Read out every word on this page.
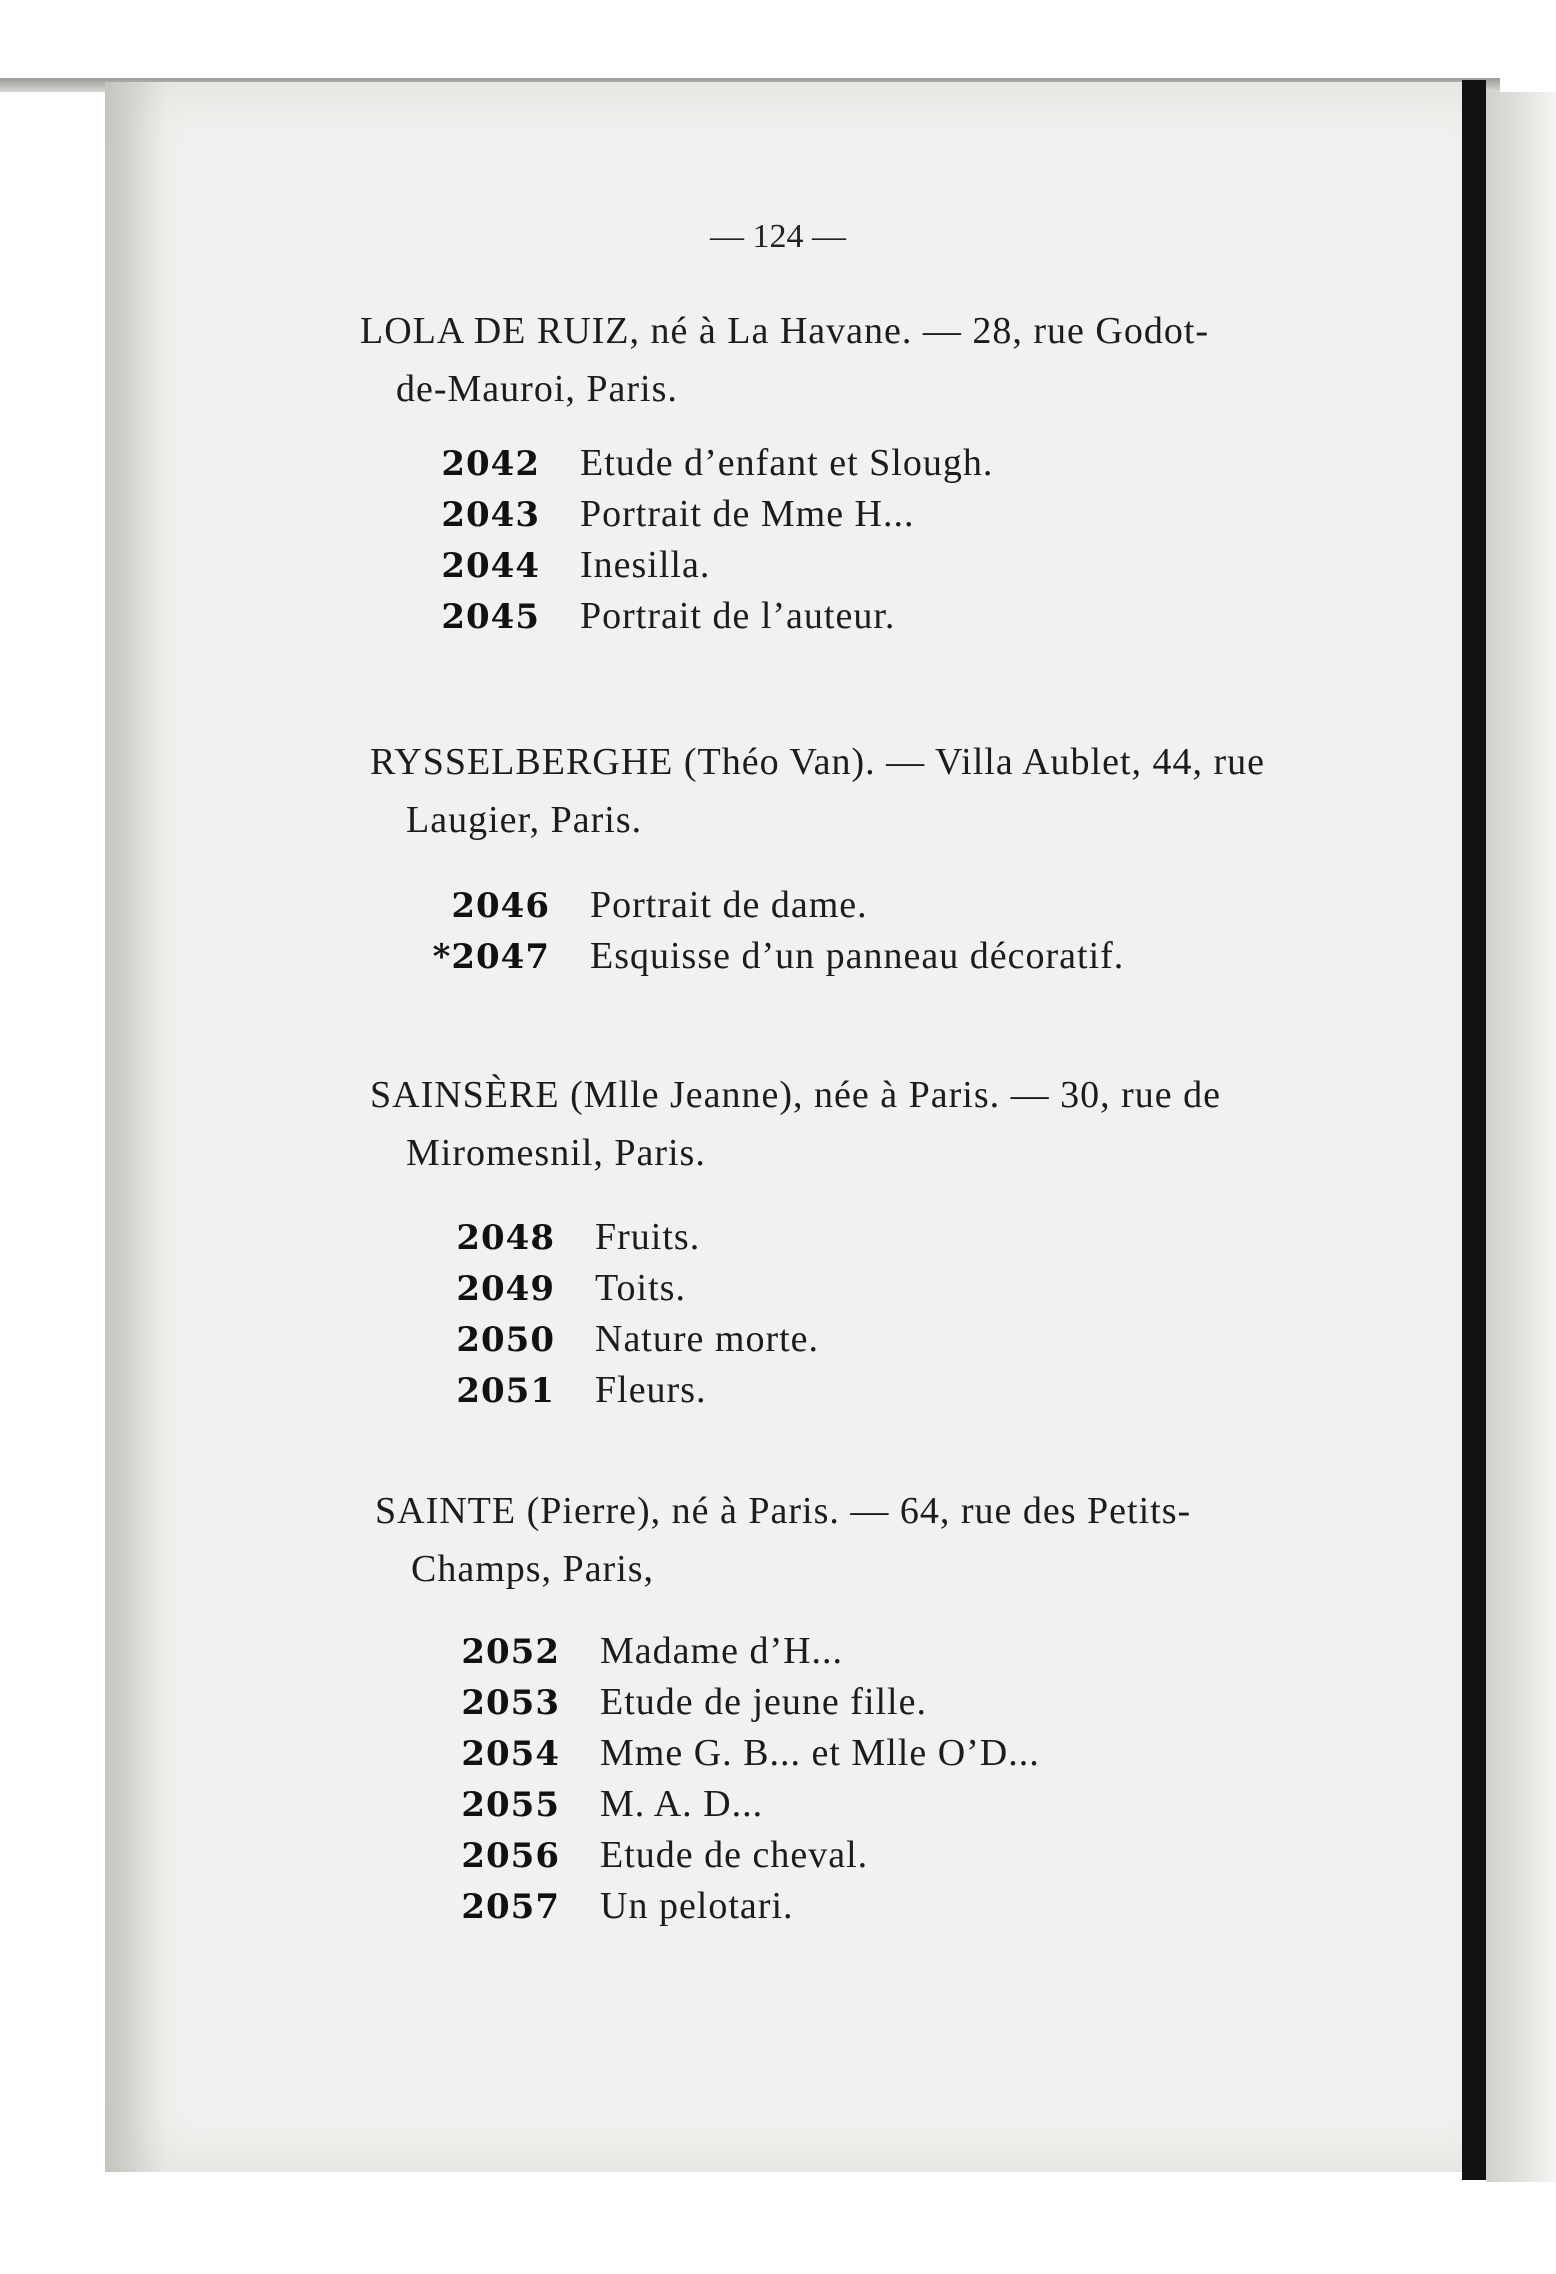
— 124 —
LOLA DE RUIZ, né à La Havane. — 28, rue Godot-
de-Mauroi, Paris.
2042	Etude d’enfant et Slough.
2043	Portrait de Mme H...
2044	Inesilla.
2045	Portrait de l’auteur.
RYSSELBERGHE (Théo Van). — Villa Aublet, 44, rue
Laugier, Paris.
2046	Portrait de dame.
*2047	Esquisse d’un panneau décoratif.
SAINSÈRE (Mlle Jeanne), née à Paris. — 30, rue de
Miromesnil, Paris.
2048	Fruits.
2049	Toits.
2050	Nature morte.
2051	Fleurs.
SAINTE (Pierre), né à Paris. — 64, rue des Petits-
Champs, Paris,
2052	Madame d’H...
2053	Etude de jeune fille.
2054	Mme G. B... et Mlle O’D...
2055	M. A. D...
2056	Etude de cheval.
2057	Un pelotari.
